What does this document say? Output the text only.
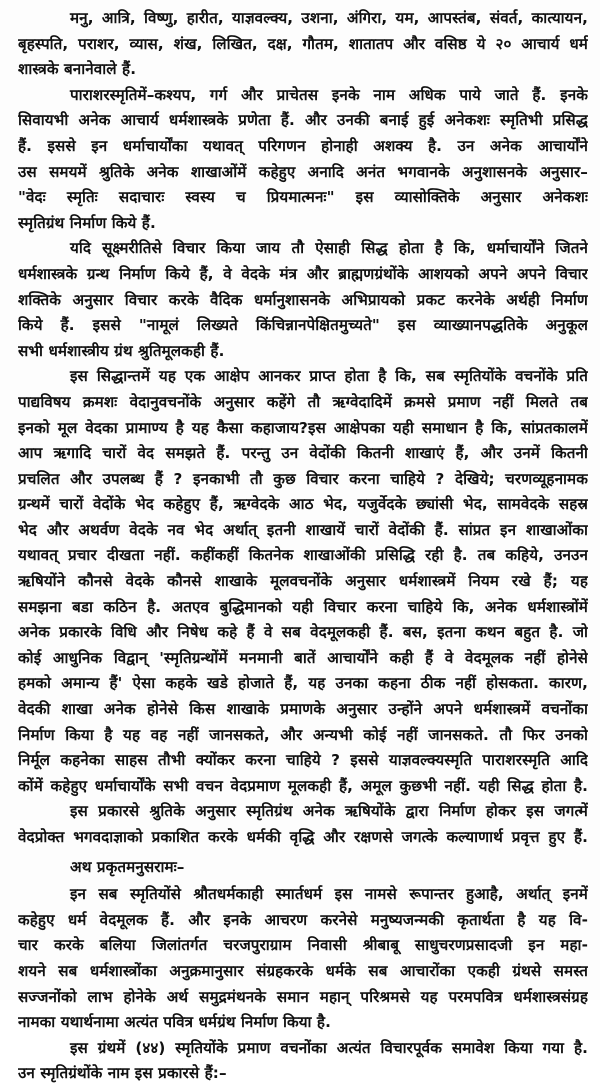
मनु, आत्रि, विष्णु, हारीत, याज्ञवल्क्य, उशना, अंगिरा, यम, आपस्तंब, संवर्त, कात्यायन,
बृहस्पति, पराशर, व्यास, शंख, लिखित, दक्ष, गौतम, शातातप और वसिष्ठ ये २० आचार्य धर्म
शास्त्रके बनानेवाले हैं.
पाराशरस्मृतिमें–कश्यप, गर्ग और प्राचेतस इनके नाम अधिक पाये जाते हैं. इनके
सिवायभी अनेक आचार्य धर्मशास्त्रके प्रणेता हैं. और उनकी बनाई हुई अनेकशः स्मृतिभी प्रसिद्ध
हैं. इससे इन धर्माचार्योंका यथावत् परिगणन होनाही अशक्य है. उन अनेक आचार्योंने
उस समयमें श्रुतिके अनेक शाखाओंमें कहेहुए अनादि अनंत भगवानके अनुशासनके अनुसार–
"वेदः स्मृतिः सदाचारः स्वस्य च प्रियमात्मनः" इस व्यासोक्तिके अनुसार अनेकशः
स्मृतिग्रंथ निर्माण किये हैं.
यदि सूक्ष्मरीतिसे विचार किया जाय तौ ऐसाही सिद्ध होता है कि, धर्माचार्योंने जितने
धर्मशास्त्रके ग्रन्थ निर्माण किये हैं, वे वेदके मंत्र और ब्राह्मणग्रंथोंके आशयको अपने अपने विचार
शक्तिके अनुसार विचार करके वैदिक धर्मानुशासनके अभिप्रायको प्रकट करनेके अर्थही निर्माण
किये हैं. इससे "नामूलं लिख्यते किंचिन्नानपेक्षितमुच्यते" इस व्याख्यानपद्धतिके अनुकूल
सभी धर्मशास्त्रीय ग्रंथ श्रुतिमूलकही हैं.
इस सिद्धान्तमें यह एक आक्षेप आनकर प्राप्त होता है कि, सब स्मृतियोंके वचनोंके प्रति
पाद्यविषय क्रमशः वेदानुवचनोंके अनुसार कहेंगे तौ ऋग्वेदादिमें क्रमसे प्रमाण नहीं मिलते तब
इनको मूल वेदका प्रामाण्य है यह कैसा कहाजाय?इस आक्षेपका यही समाधान है कि, सांप्रतकालमें
आप ऋगादि चारों वेद समझते हैं. परन्तु उन वेदोंकी कितनी शाखाएं हैं, और उनमें कितनी
प्रचलित और उपलब्ध हैं ? इनकाभी तौ कुछ विचार करना चाहिये ? देखिये; चरणव्यूहनामक
ग्रन्थमें चारों वेदोंके भेद कहेहुए हैं, ऋग्वेदके आठ भेद, यजुर्वेदके छ्यांसी भेद, सामवेदके सहस्र
भेद और अथर्वण वेदके नव भेद अर्थात् इतनी शाखायें चारों वेदोंकी हैं. सांप्रत इन शाखाओंका
यथावत् प्रचार दीखता नहीं. कहींकहीं कितनेक शाखाओंकी प्रसिद्धि रही है. तब कहिये, उनउन
ऋषियोंने कौनसे वेदके कौनसे शाखाके मूलवचनोंके अनुसार धर्मशास्त्रमें नियम रखे हैं; यह
समझना बडा कठिन है. अतएव बुद्धिमानको यही विचार करना चाहिये कि, अनेक धर्मशास्त्रोंमें
अनेक प्रकारके विधि और निषेध कहे हैं वे सब वेदमूलकही हैं. बस, इतना कथन बहुत है. जो
कोई आधुनिक विद्वान् 'स्मृतिग्रन्थोंमें मनमानी बातें आचार्योंने कही हैं वे वेदमूलक नहीं होनेसे
हमको अमान्य हैं' ऐसा कहके खडे होजाते हैं, यह उनका कहना ठीक नहीं होसकता. कारण,
वेदकी शाखा अनेक होनेसे किस शाखाके प्रमाणके अनुसार उन्होंने अपने धर्मशास्त्रमें वचनोंका
निर्माण किया है यह वह नहीं जानसकते, और अन्यभी कोई नहीं जानसकते. तौ फिर उनको
निर्मूल कहनेका साहस तौभी क्योंकर करना चाहिये ? इससे याज्ञवल्क्यस्मृति पाराशरस्मृति आदि
कोंमें कहेहुए धर्माचार्योंके सभी वचन वेदप्रमाण मूलकही हैं, अमूल कुछभी नहीं. यही सिद्ध होता है.
इस प्रकारसे श्रुतिके अनुसार स्मृतिग्रंथ अनेक ऋषियोंके द्वारा निर्माण होकर इस जगत्में
वेदप्रोक्त भगवदाज्ञाको प्रकाशित करके धर्मकी वृद्धि और रक्षणसे जगत्के कल्याणार्थ प्रवृत्त हुए हैं.
अथ प्रकृतमनुसरामः–
इन सब स्मृतियोंसे श्रौतधर्मकाही स्मार्तधर्म इस नामसे रूपान्तर हुआहै, अर्थात् इनमें
कहेहुए धर्म वेदमूलक हैं. और इनके आचरण करनेसे मनुष्यजन्मकी कृतार्थता है यह वि-
चार करके बलिया जिलांतर्गत चरजपुराग्राम निवासी श्रीबाबू साधुचरणप्रसादजी इन महा-
शयने सब धर्मशास्त्रोंका अनुक्रमानुसार संग्रहकरके धर्मके सब आचारोंका एकही ग्रंथसे समस्त
सज्जनोंको लाभ होनेके अर्थ समुद्रमंथनके समान महान् परिश्रमसे यह परमपवित्र धर्मशास्त्रसंग्रह
नामका यथार्थनामा अत्यंत पवित्र धर्मग्रंथ निर्माण किया है.
इस ग्रंथमें (४४) स्मृतियोंके प्रमाण वचनोंका अत्यंत विचारपूर्वक समावेश किया गया है.
उन स्मृतिग्रंथोंके नाम इस प्रकारसे हैं:–
